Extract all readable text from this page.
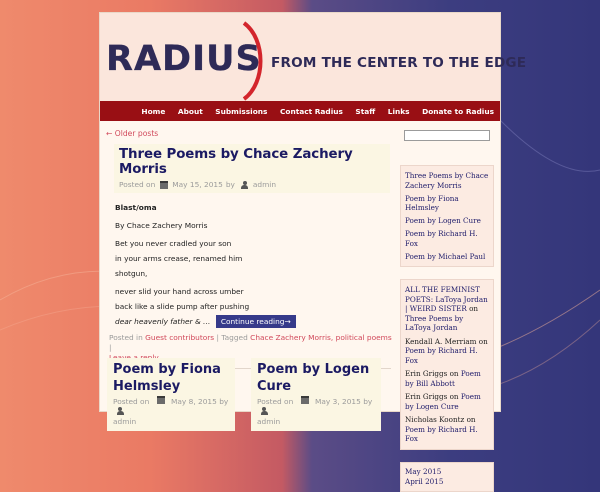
RADIUS FROM THE CENTER TO THE EDGE
Home About Submissions Contact Radius Staff Links Donate to Radius
← Older posts
Three Poems by Chace Zachery Morris
Posted on May 15, 2015 by admin
Blast/oma
By Chace Zachery Morris
Bet you never cradled your son
in your arms crease, renamed him
shotgun,
never slid your hand across umber
back like a slide pump after pushing
dear heavenly father & … Continue reading→
Posted in Guest contributors | Tagged Chace Zachery Morris, political poems |

Poem by Fiona Helmsley
Posted on	May 8, 2015 by
admin
Poem by Logen Cure
Posted on	May 3, 2015 by
admin
Three Poems by Chace Zachery Morris
Poem by Fiona Helmsley
Poem by Logen Cure
Poem by Richard H. Fox
Poem by Michael Paul
ALL THE FEMINIST POETS: LaToya Jordan | WEIRD SISTER on Three Poems by LaToya Jordan
Kendall A. Merriam on Poem by Richard H. Fox
Erin Griggs on Poem by Bill Abbott
Erin Griggs on Poem by Logen Cure
Nicholas Koontz on Poem by Richard H. Fox
May 2015
April 2015
